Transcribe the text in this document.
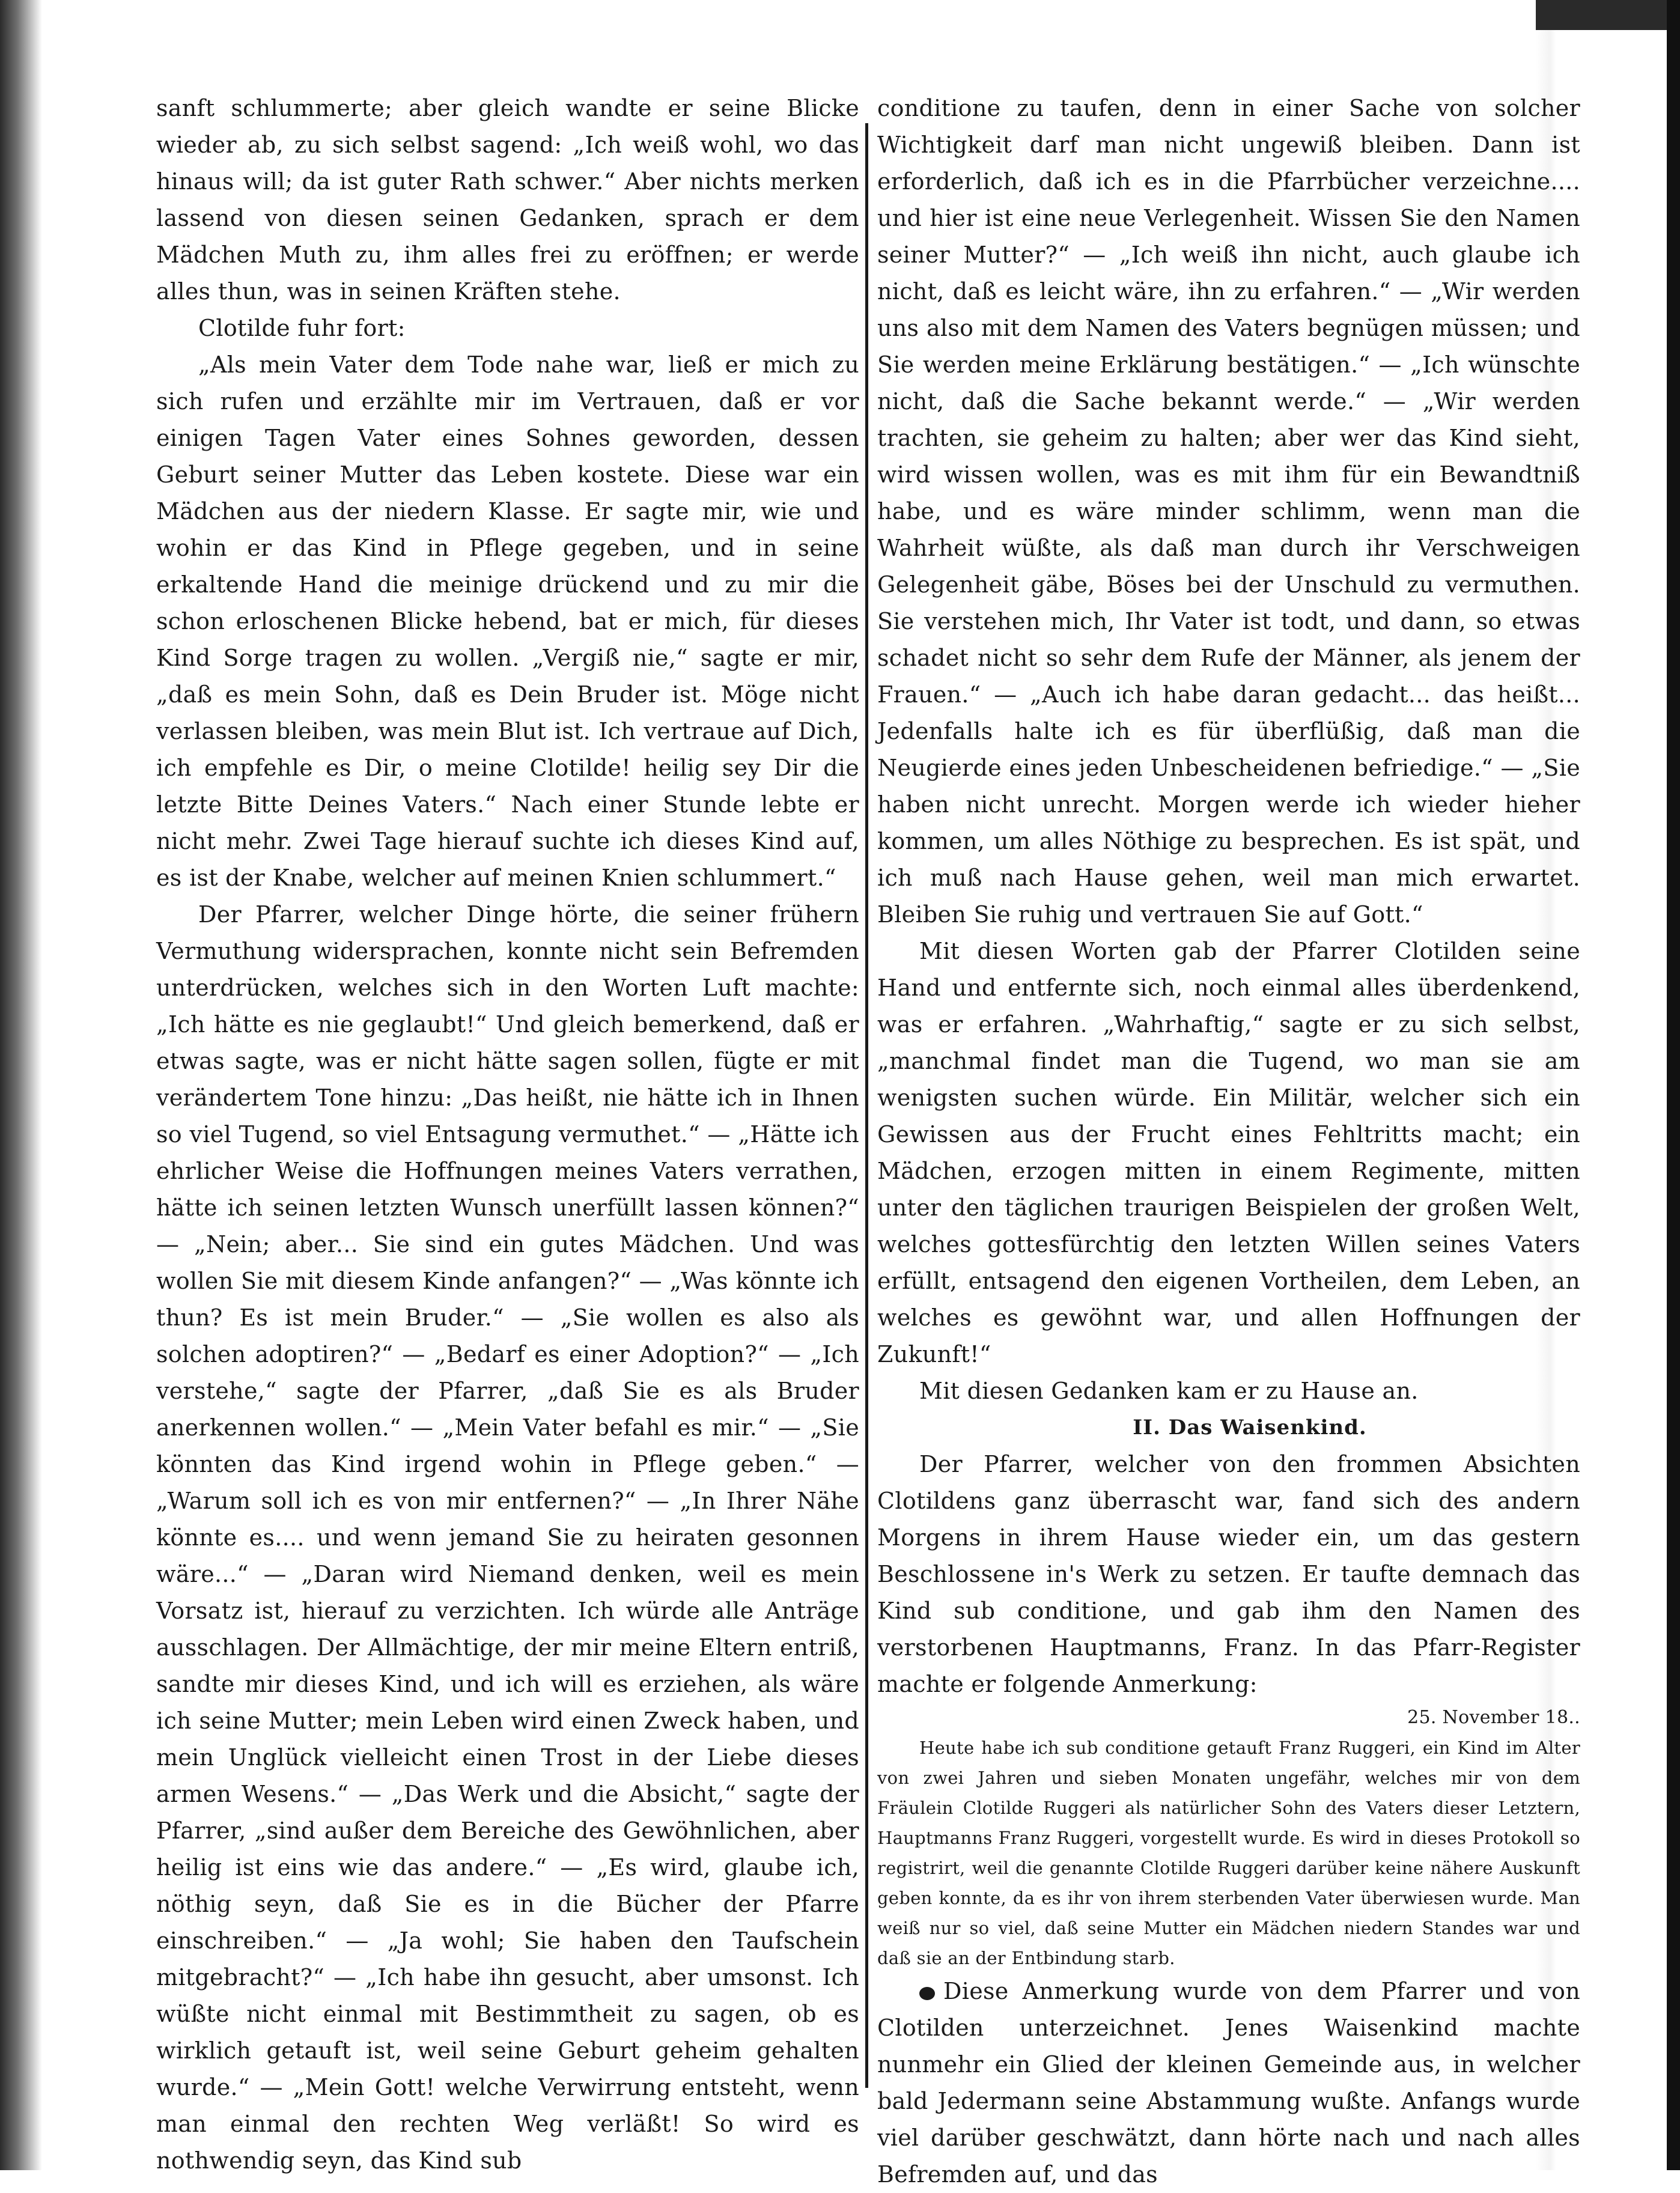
sanft schlummerte; aber gleich wandte er seine Blicke wieder ab, zu sich selbst sagend: „Ich weiß wohl, wo das hinaus will; da ist guter Rath schwer.“ Aber nichts merken lassend von diesen seinen Gedanken, sprach er dem Mädchen Muth zu, ihm alles frei zu eröffnen; er werde alles thun, was in seinen Kräften stehe.

Clotilde fuhr fort:

„Als mein Vater dem Tode nahe war, ließ er mich zu sich rufen und erzählte mir im Vertrauen, daß er vor einigen Tagen Vater eines Sohnes geworden, dessen Geburt seiner Mutter das Leben kostete. Diese war ein Mädchen aus der niedern Klasse. Er sagte mir, wie und wohin er das Kind in Pflege gegeben, und in seine erkaltende Hand die meinige drückend und zu mir die schon erloschenen Blicke hebend, bat er mich, für dieses Kind Sorge tragen zu wollen. „Vergiß nie,“ sagte er mir, „daß es mein Sohn, daß es Dein Bruder ist. Möge nicht verlassen bleiben, was mein Blut ist. Ich vertraue auf Dich, ich empfehle es Dir, o meine Clotilde! heilig sey Dir die letzte Bitte Deines Vaters.“ Nach einer Stunde lebte er nicht mehr. Zwei Tage hierauf suchte ich dieses Kind auf, es ist der Knabe, welcher auf meinen Knien schlummert.“

Der Pfarrer, welcher Dinge hörte, die seiner frühern Vermuthung widersprachen, konnte nicht sein Befremden unterdrücken, welches sich in den Worten Luft machte: „Ich hätte es nie geglaubt!“ Und gleich bemerkend, daß er etwas sagte, was er nicht hätte sagen sollen, fügte er mit verändertem Tone hinzu: „Das heißt, nie hätte ich in Ihnen so viel Tugend, so viel Entsagung vermuthet.“ — „Hätte ich ehrlicher Weise die Hoffnungen meines Vaters verrathen, hätte ich seinen letzten Wunsch unerfüllt lassen können?“ — „Nein; aber... Sie sind ein gutes Mädchen. Und was wollen Sie mit diesem Kinde anfangen?“ — „Was könnte ich thun? Es ist mein Bruder.“ — „Sie wollen es also als solchen adoptiren?“ — „Bedarf es einer Adoption?“ — „Ich verstehe,“ sagte der Pfarrer, „daß Sie es als Bruder anerkennen wollen.“ — „Mein Vater befahl es mir.“ — „Sie könnten das Kind irgend wohin in Pflege geben.“ — „Warum soll ich es von mir entfernen?“ — „In Ihrer Nähe könnte es.... und wenn jemand Sie zu heiraten gesonnen wäre...“ — „Daran wird Niemand denken, weil es mein Vorsatz ist, hierauf zu verzichten. Ich würde alle Anträge ausschlagen. Der Allmächtige, der mir meine Eltern entriß, sandte mir dieses Kind, und ich will es erziehen, als wäre ich seine Mutter; mein Leben wird einen Zweck haben, und mein Unglück vielleicht einen Trost in der Liebe dieses armen Wesens.“ — „Das Werk und die Absicht,“ sagte der Pfarrer, „sind außer dem Bereiche des Gewöhnlichen, aber heilig ist eins wie das andere.“ — „Es wird, glaube ich, nöthig seyn, daß Sie es in die Bücher der Pfarre einschreiben.“ — „Ja wohl; Sie haben den Taufschein mitgebracht?“ — „Ich habe ihn gesucht, aber umsonst. Ich wüßte nicht einmal mit Bestimmtheit zu sagen, ob es wirklich getauft ist, weil seine Geburt geheim gehalten wurde.“ — „Mein Gott! welche Verwirrung entsteht, wenn man einmal den rechten Weg verläßt! So wird es nothwendig seyn, das Kind sub

conditione zu taufen, denn in einer Sache von solcher Wichtigkeit darf man nicht ungewiß bleiben. Dann ist erforderlich, daß ich es in die Pfarrbücher verzeichne.... und hier ist eine neue Verlegenheit. Wissen Sie den Namen seiner Mutter?“ — „Ich weiß ihn nicht, auch glaube ich nicht, daß es leicht wäre, ihn zu erfahren.“ — „Wir werden uns also mit dem Namen des Vaters begnügen müssen; und Sie werden meine Erklärung bestätigen.“ — „Ich wünschte nicht, daß die Sache bekannt werde.“ — „Wir werden trachten, sie geheim zu halten; aber wer das Kind sieht, wird wissen wollen, was es mit ihm für ein Bewandtniß habe, und es wäre minder schlimm, wenn man die Wahrheit wüßte, als daß man durch ihr Verschweigen Gelegenheit gäbe, Böses bei der Unschuld zu vermuthen. Sie verstehen mich, Ihr Vater ist todt, und dann, so etwas schadet nicht so sehr dem Rufe der Männer, als jenem der Frauen.“ — „Auch ich habe daran gedacht... das heißt... Jedenfalls halte ich es für überflüßig, daß man die Neugierde eines jeden Unbescheidenen befriedige.“ — „Sie haben nicht unrecht. Morgen werde ich wieder hieher kommen, um alles Nöthige zu besprechen. Es ist spät, und ich muß nach Hause gehen, weil man mich erwartet. Bleiben Sie ruhig und vertrauen Sie auf Gott.“

Mit diesen Worten gab der Pfarrer Clotilden seine Hand und entfernte sich, noch einmal alles überdenkend, was er erfahren. „Wahrhaftig,“ sagte er zu sich selbst, „manchmal findet man die Tugend, wo man sie am wenigsten suchen würde. Ein Militär, welcher sich ein Gewissen aus der Frucht eines Fehltritts macht; ein Mädchen, erzogen mitten in einem Regimente, mitten unter den täglichen traurigen Beispielen der großen Welt, welches gottesfürchtig den letzten Willen seines Vaters erfüllt, entsagend den eigenen Vortheilen, dem Leben, an welches es gewöhnt war, und allen Hoffnungen der Zukunft!“

Mit diesen Gedanken kam er zu Hause an.

II. Das Waisenkind.

Der Pfarrer, welcher von den frommen Absichten Clotildens ganz überrascht war, fand sich des andern Morgens in ihrem Hause wieder ein, um das gestern Beschlossene in's Werk zu setzen. Er taufte demnach das Kind sub conditione, und gab ihm den Namen des verstorbenen Hauptmanns, Franz. In das Pfarr-Register machte er folgende Anmerkung:

25. November 18..

Heute habe ich sub conditione getauft Franz Ruggeri, ein Kind im Alter von zwei Jahren und sieben Monaten ungefähr, welches mir von dem Fräulein Clotilde Ruggeri als natürlicher Sohn des Vaters dieser Letztern, Hauptmanns Franz Ruggeri, vorgestellt wurde. Es wird in dieses Protokoll so registrirt, weil die genannte Clotilde Ruggeri darüber keine nähere Auskunft geben konnte, da es ihr von ihrem sterbenden Vater überwiesen wurde. Man weiß nur so viel, daß seine Mutter ein Mädchen niedern Standes war und daß sie an der Entbindung starb.

Diese Anmerkung wurde von dem Pfarrer und von Clotilden unterzeichnet. Jenes Waisenkind machte nunmehr ein Glied der kleinen Gemeinde aus, in welcher bald Jedermann seine Abstammung wußte. Anfangs wurde viel darüber geschwätzt, dann hörte nach und nach alles Befremden auf, und das
